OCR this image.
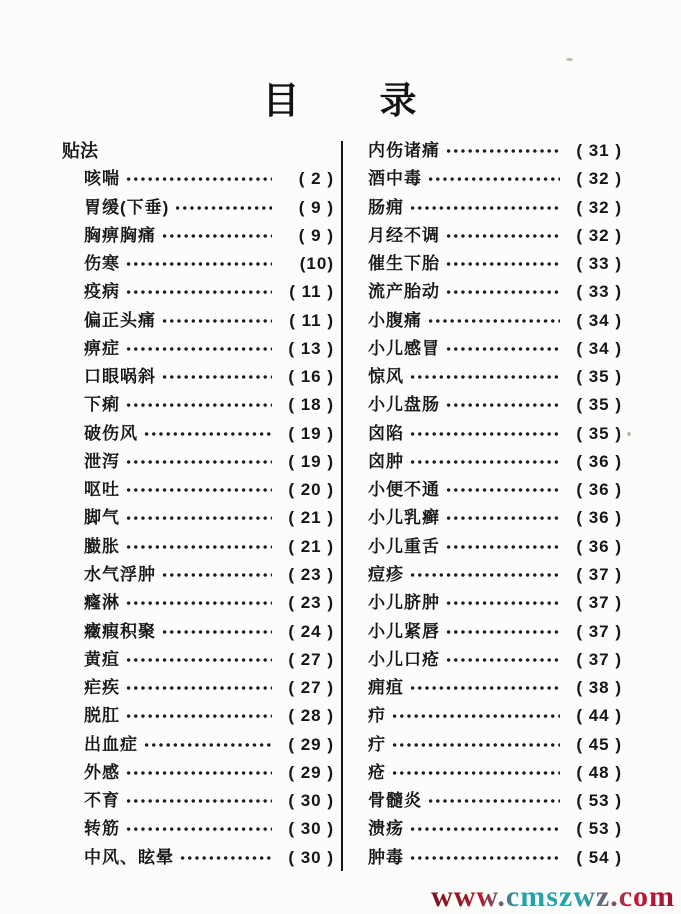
目　　录
贴法
咳喘	( 2 )
胃缓(下垂)	( 9 )
胸痹胸痛	( 9 )
伤寒	(10)
疫病	( 11 )
偏正头痛	( 11 )
痹症	( 13 )
口眼㖞斜	( 16 )
下痢	( 18 )
破伤风	( 19 )
泄泻	( 19 )
呕吐	( 20 )
脚气	( 21 )
臌胀	( 21 )
水气浮肿	( 23 )
癃淋	( 23 )
癥瘕积聚	( 24 )
黄疸	( 27 )
疟疾	( 27 )
脱肛	( 28 )
出血症	( 29 )
外感	( 29 )
不育	( 30 )
转筋	( 30 )
中风、眩晕	( 30 )
内伤诸痛	( 31 )
酒中毒	( 32 )
肠痈	( 32 )
月经不调	( 32 )
催生下胎	( 33 )
流产胎动	( 33 )
小腹痛	( 34 )
小儿感冒	( 34 )
惊风	( 35 )
小儿盘肠	( 35 )
囟陷	( 35 )
囟肿	( 36 )
小便不通	( 36 )
小儿乳癣	( 36 )
小儿重舌	( 36 )
痘疹	( 37 )
小儿脐肿	( 37 )
小儿紧唇	( 37 )
小儿口疮	( 37 )
痈疽	( 38 )
疖	( 44 )
疔	( 45 )
疮	( 48 )
骨髓炎	( 53 )
溃疡	( 53 )
肿毒	( 54 )
www.cmszwz.com
